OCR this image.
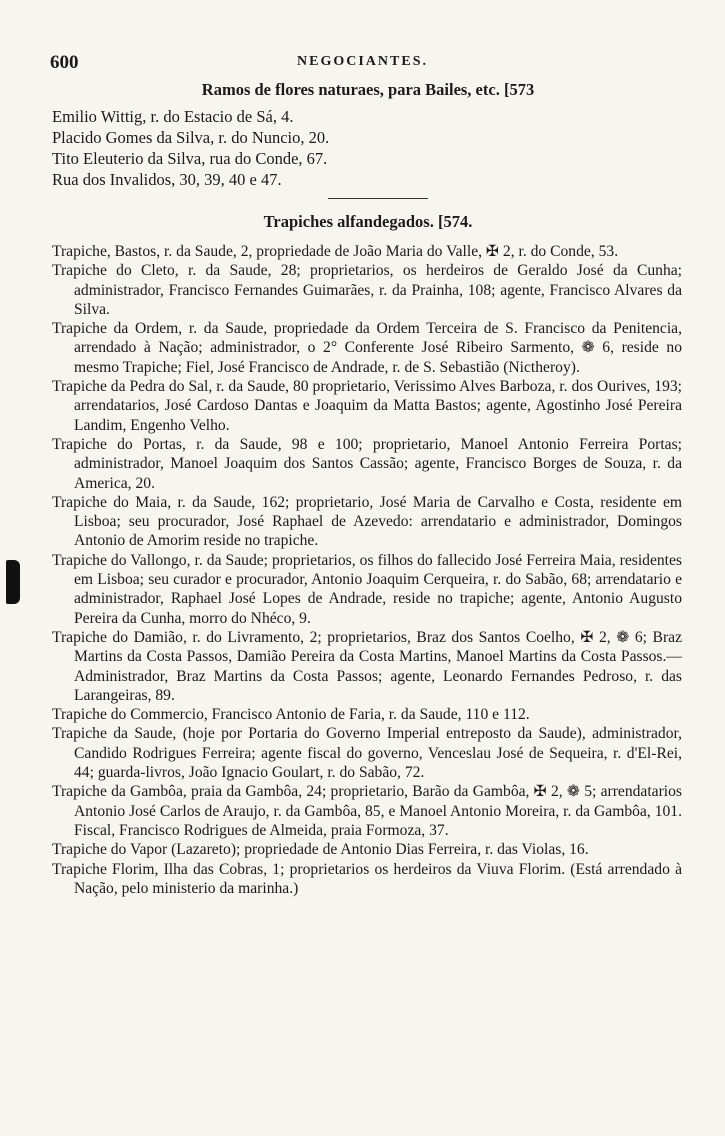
600	NEGOCIANTES.
Ramos de flores naturaes, para Bailes, etc. [573
Emilio Wittig, r. do Estacio de Sá, 4.
Placido Gomes da Silva, r. do Nuncio, 20.
Tito Eleuterio da Silva, rua do Conde, 67.
Rua dos Invalidos, 30, 39, 40 e 47.
Trapiches alfandegados. [574.
Trapiche, Bastos, r. da Saude, 2, propriedade de João Maria do Valle, ✠ 2, r. do Conde, 53.
Trapiche do Cleto, r. da Saude, 28; proprietarios, os herdeiros de Geraldo José da Cunha; administrador, Francisco Fernandes Guimarães, r. da Prainha, 108; agente, Francisco Alvares da Silva.
Trapiche da Ordem, r. da Saude, propriedade da Ordem Terceira de S. Francisco da Penitencia, arrendado à Nação; administrador, o 2° Conferente José Ribeiro Sarmento, ❁ 6, reside no mesmo Trapiche; Fiel, José Francisco de Andrade, r. de S. Sebastião (Nictheroy).
Trapiche da Pedra do Sal, r. da Saude, 80 proprietario, Verissimo Alves Barboza, r. dos Ourives, 193; arrendatarios, José Cardoso Dantas e Joaquim da Matta Bastos; agente, Agostinho José Pereira Landim, Engenho Velho.
Trapiche do Portas, r. da Saude, 98 e 100; proprietario, Manoel Antonio Ferreira Portas; administrador, Manoel Joaquim dos Santos Cassão; agente, Francisco Borges de Souza, r. da America, 20.
Trapiche do Maia, r. da Saude, 162; proprietario, José Maria de Carvalho e Costa, residente em Lisboa; seu procurador, José Raphael de Azevedo: arrendatario e administrador, Domingos Antonio de Amorim reside no trapiche.
Trapiche do Vallongo, r. da Saude; proprietarios, os filhos do fallecido José Ferreira Maia, residentes em Lisboa; seu curador e procurador, Antonio Joaquim Cerqueira, r. do Sabão, 68; arrendatario e administrador, Raphael José Lopes de Andrade, reside no trapiche; agente, Antonio Augusto Pereira da Cunha, morro do Nhéco, 9.
Trapiche do Damião, r. do Livramento, 2; proprietarios, Braz dos Santos Coelho, ✠ 2, ❁ 6; Braz Martins da Costa Passos, Damião Pereira da Costa Martins, Manoel Martins da Costa Passos.— Administrador, Braz Martins da Costa Passos; agente, Leonardo Fernandes Pedroso, r. das Larangeiras, 89.
Trapiche do Commercio, Francisco Antonio de Faria, r. da Saude, 110 e 112.
Trapiche da Saude, (hoje por Portaria do Governo Imperial entreposto da Saude), administrador, Candido Rodrigues Ferreira; agente fiscal do governo, Venceslau José de Sequeira, r. d'El-Rei, 44; guarda-livros, João Ignacio Goulart, r. do Sabão, 72.
Trapiche da Gambôa, praia da Gambôa, 24; proprietario, Barão da Gambôa, ✠ 2, ❁ 5; arrendatarios Antonio José Carlos de Araujo, r. da Gambôa, 85, e Manoel Antonio Moreira, r. da Gambôa, 101. Fiscal, Francisco Rodrigues de Almeida, praia Formoza, 37.
Trapiche do Vapor (Lazareto); propriedade de Antonio Dias Ferreira, r. das Violas, 16.
Trapiche Florim, Ilha das Cobras, 1; proprietarios os herdeiros da Viuva Florim. (Está arrendado à Nação, pelo ministerio da marinha.)
